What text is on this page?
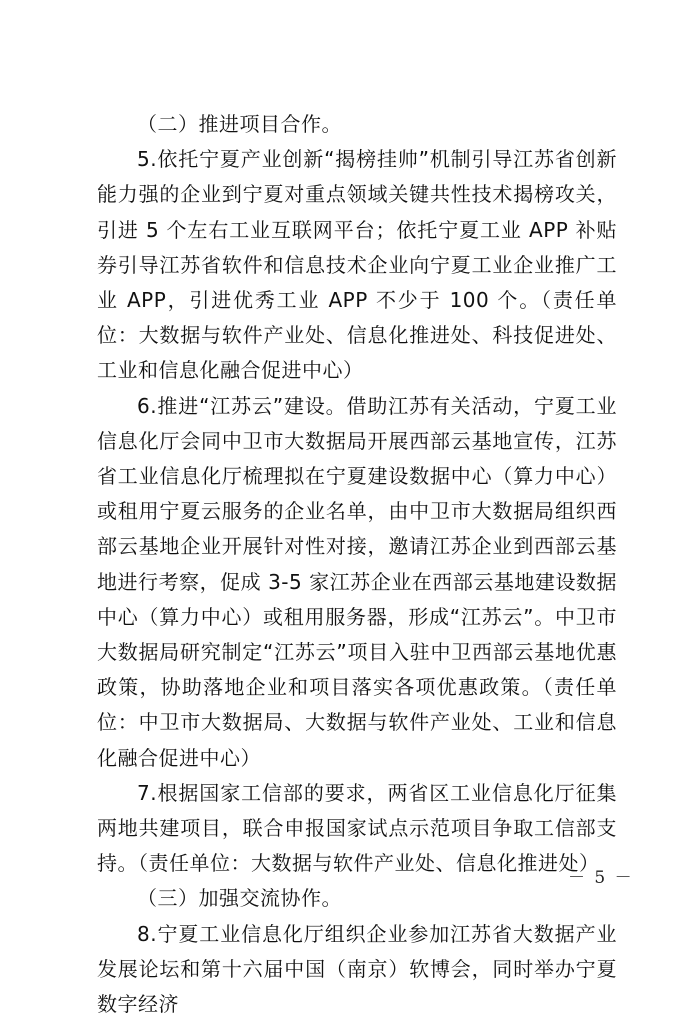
（二）推进项目合作。

5.依托宁夏产业创新“揭榜挂帅”机制引导江苏省创新能力强的企业到宁夏对重点领域关键共性技术揭榜攻关，引进 5 个左右工业互联网平台；依托宁夏工业 APP 补贴券引导江苏省软件和信息技术企业向宁夏工业企业推广工业 APP，引进优秀工业 APP 不少于 100 个。（责任单位：大数据与软件产业处、信息化推进处、科技促进处、工业和信息化融合促进中心）

6.推进“江苏云”建设。借助江苏有关活动，宁夏工业信息化厅会同中卫市大数据局开展西部云基地宣传，江苏省工业信息化厅梳理拟在宁夏建设数据中心（算力中心）或租用宁夏云服务的企业名单，由中卫市大数据局组织西部云基地企业开展针对性对接，邀请江苏企业到西部云基地进行考察，促成 3-5 家江苏企业在西部云基地建设数据中心（算力中心）或租用服务器，形成“江苏云”。中卫市大数据局研究制定“江苏云”项目入驻中卫西部云基地优惠政策，协助落地企业和项目落实各项优惠政策。（责任单位：中卫市大数据局、大数据与软件产业处、工业和信息化融合促进中心）

7.根据国家工信部的要求，两省区工业信息化厅征集两地共建项目，联合申报国家试点示范项目争取工信部支持。（责任单位：大数据与软件产业处、信息化推进处）

（三）加强交流协作。

8.宁夏工业信息化厅组织企业参加江苏省大数据产业发展论坛和第十六届中国（南京）软博会，同时举办宁夏数字经济

－ 5 －
